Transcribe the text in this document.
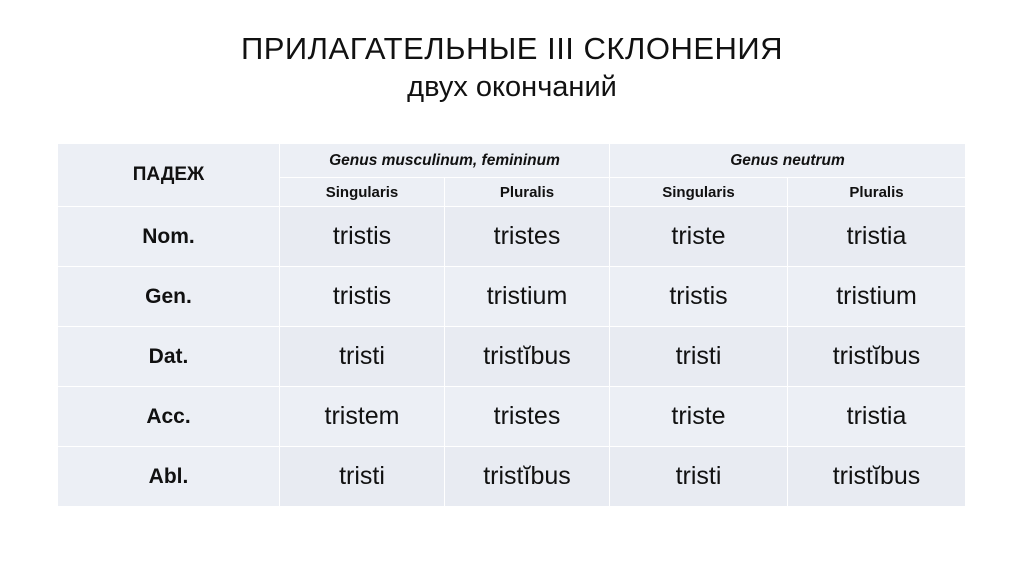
ПРИЛАГАТЕЛЬНЫЕ III СКЛОНЕНИЯ
двух окончаний
ПАДЕЖ	Genus musculinum, femininum		Genus neutrum	
	Singularis	Pluralis	Singularis	Pluralis
Nom.	tristis	tristes	triste	tristia
Gen.	tristis	tristium	tristis	tristium
Dat.	tristi	tristĭbus	tristi	tristĭbus
Acc.	tristem	tristes	triste	tristia
Abl.	tristi	tristĭbus	tristi	tristĭbus
